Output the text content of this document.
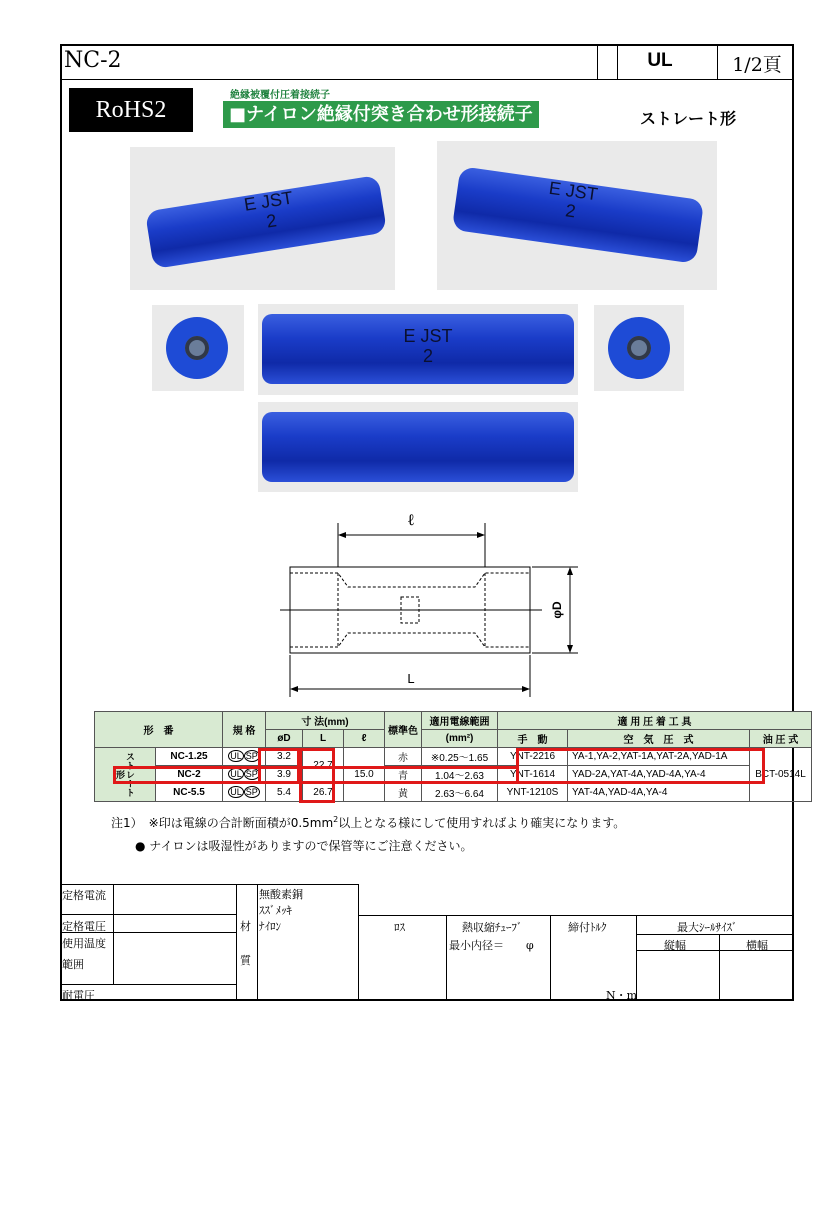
NC-2	UL	1/2頁
RoHS2
絶縁被覆付圧着接続子
■ナイロン絶縁付突き合わせ形接続子	ストレート形
E JST
2
E JST
2
E JST
2
ℓ
L
φD
形　番		規 格	寸 法(mm)			標準色	適用電線範囲	適 用 圧 着 工 具		
			øD	L	ℓ		(mm²)	手　動	空　気　圧　式	油 圧 式
ストレート形	NC-1.25	UL SP	3.2	22.7	15.0	赤	※0.25～1.65	YNT-2216	YA-1,YA-2,YAT-1A,YAT-2A,YAD-1A	BCT-0514L
	NC-2	UL SP	3.9			青	1.04～2.63	YNT-1614	YAD-2A,YAT-4A,YAD-4A,YA-4	
	NC-5.5	UL SP	5.4	26.7		黄	2.63～6.64	YNT-1210S	YAT-4A,YAD-4A,YA-4	
注1）　※印は電線の合計断面積が$0.5mm^2$以上となる様にして使用すればより確実になります。
● ナイロンは吸湿性がありますので保管等にご注意ください。
定格電流
定格電圧
使用温度
範囲
耐電圧
材
質
無酸素銅
ｽｽﾞﾒｯｷ
ﾅｲﾛﾝ	ﾛｽ	熱収縮ﾁｭｰﾌﾞ
最小内径＝　　φ
締付ﾄﾙｸ
N・m
最大ｼｰﾙｻｲｽﾞ
縦幅	横幅
